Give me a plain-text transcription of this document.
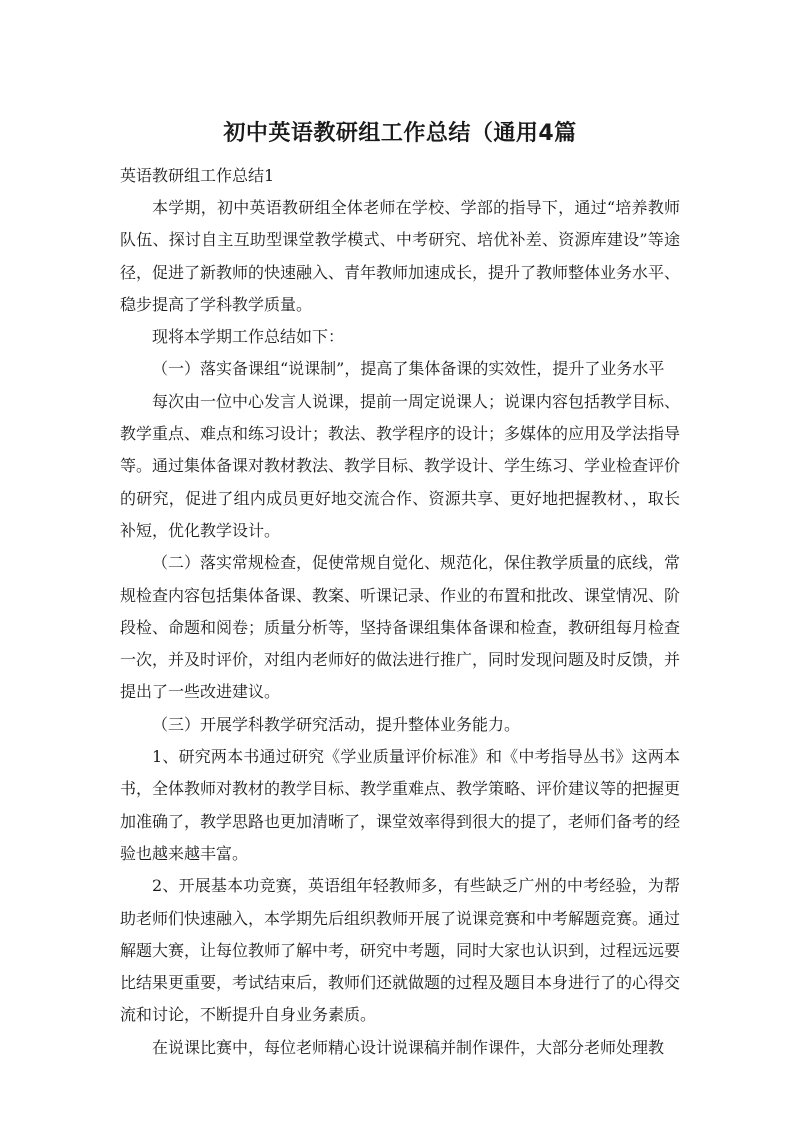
初中英语教研组工作总结（通用4篇
英语教研组工作总结1

本学期，初中英语教研组全体老师在学校、学部的指导下，通过“培养教师队伍、探讨自主互助型课堂教学模式、中考研究、培优补差、资源库建设”等途径，促进了新教师的快速融入、青年教师加速成长，提升了教师整体业务水平、稳步提高了学科教学质量。

现将本学期工作总结如下：

（一）落实备课组“说课制”，提高了集体备课的实效性，提升了业务水平

每次由一位中心发言人说课，提前一周定说课人；说课内容包括教学目标、教学重点、难点和练习设计；教法、教学程序的设计；多媒体的应用及学法指导等。通过集体备课对教材教法、教学目标、教学设计、学生练习、学业检查评价的研究，促进了组内成员更好地交流合作、资源共享、更好地把握教材、，取长补短，优化教学设计。

（二）落实常规检查，促使常规自觉化、规范化，保住教学质量的底线，常规检查内容包括集体备课、教案、听课记录、作业的布置和批改、课堂情况、阶段检、命题和阅卷；质量分析等，坚持备课组集体备课和检查，教研组每月检查一次，并及时评价，对组内老师好的做法进行推广，同时发现问题及时反馈，并提出了一些改进建议。

（三）开展学科教学研究活动，提升整体业务能力。

1、研究两本书通过研究《学业质量评价标准》和《中考指导丛书》这两本书，全体教师对教材的教学目标、教学重难点、教学策略、评价建议等的把握更加准确了，教学思路也更加清晰了，课堂效率得到很大的提了，老师们备考的经验也越来越丰富。

2、开展基本功竞赛，英语组年轻教师多，有些缺乏广州的中考经验，为帮助老师们快速融入，本学期先后组织教师开展了说课竞赛和中考解题竞赛。通过解题大赛，让每位教师了解中考，研究中考题，同时大家也认识到，过程远远要比结果更重要，考试结束后，教师们还就做题的过程及题目本身进行了的心得交流和讨论，不断提升自身业务素质。

在说课比赛中，每位老师精心设计说课稿并制作课件，大部分老师处理教
